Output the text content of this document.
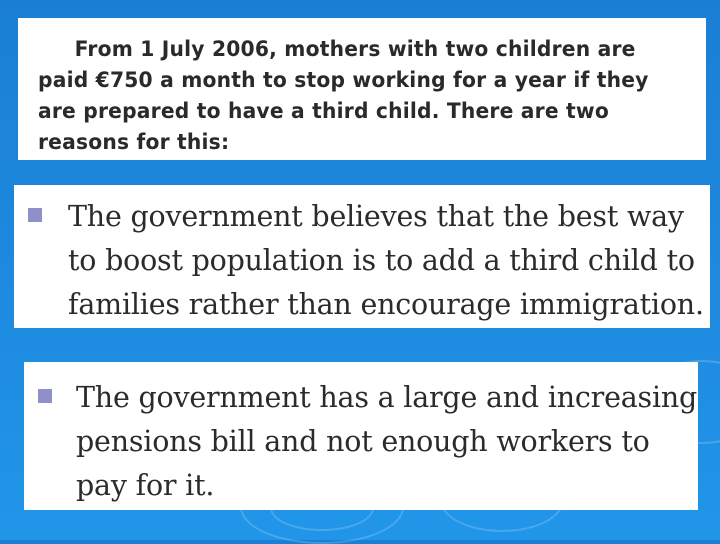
From 1 July 2006, mothers with two children are paid €750 a month to stop working for a year if they are prepared to have a third child. There are two reasons for this:

The government believes that the best way to boost population is to add a third child to families rather than encourage immigration.

The government has a large and increasing pensions bill and not enough workers to pay for it.
